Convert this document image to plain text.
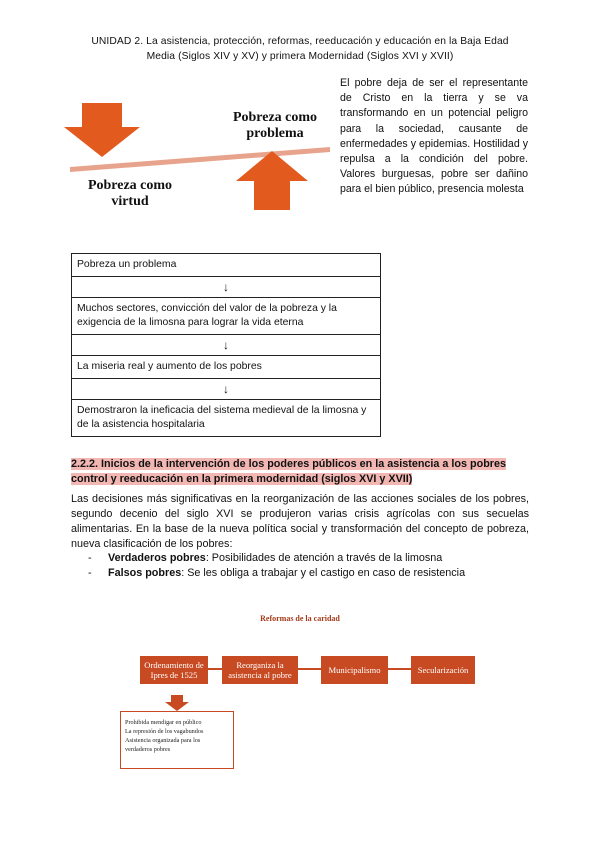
UNIDAD 2. La asistencia, protección, reformas, reeducación y educación en la Baja Edad
Media (Siglos XIV y XV) y primera Modernidad (Siglos XVI y XVII)
Pobreza como problema
Pobreza como virtud
El pobre deja de ser el representante de Cristo en la tierra y se va transformando en un potencial peligro para la sociedad, causante de enfermedades y epidemias. Hostilidad y repulsa a la condición del pobre. Valores burguesas, pobre ser dañino para el bien público, presencia molesta
Pobreza un problema
↓
Muchos sectores, convicción del valor de la pobreza y la exigencia de la limosna para lograr la vida eterna
↓
La miseria real y aumento de los pobres
↓
Demostraron la ineficacia del sistema medieval de la limosna y de la asistencia hospitalaria
2.2.2. Inicios de la intervención de los poderes públicos en la asistencia a los pobres control y reeducación en la primera modernidad (siglos XVI y XVII)
Las decisiones más significativas en la reorganización de las acciones sociales de los pobres, segundo decenio del siglo XVI se produjeron varias crisis agrícolas con sus secuelas alimentarias. En la base de la nueva política social y transformación del concepto de pobreza, nueva clasificación de los pobres:
- Verdaderos pobres: Posibilidades de atención a través de la limosna
- Falsos pobres: Se les obliga a trabajar y el castigo en caso de resistencia
Reformas de la caridad
Ordenamiento de Ipres de 1525
Reorganiza la asistencia al pobre	Municipalismo	Secularización
Prohibida mendigar en público
La represión de los vagabundos
Asistencia organizada para los
verdaderos pobres
